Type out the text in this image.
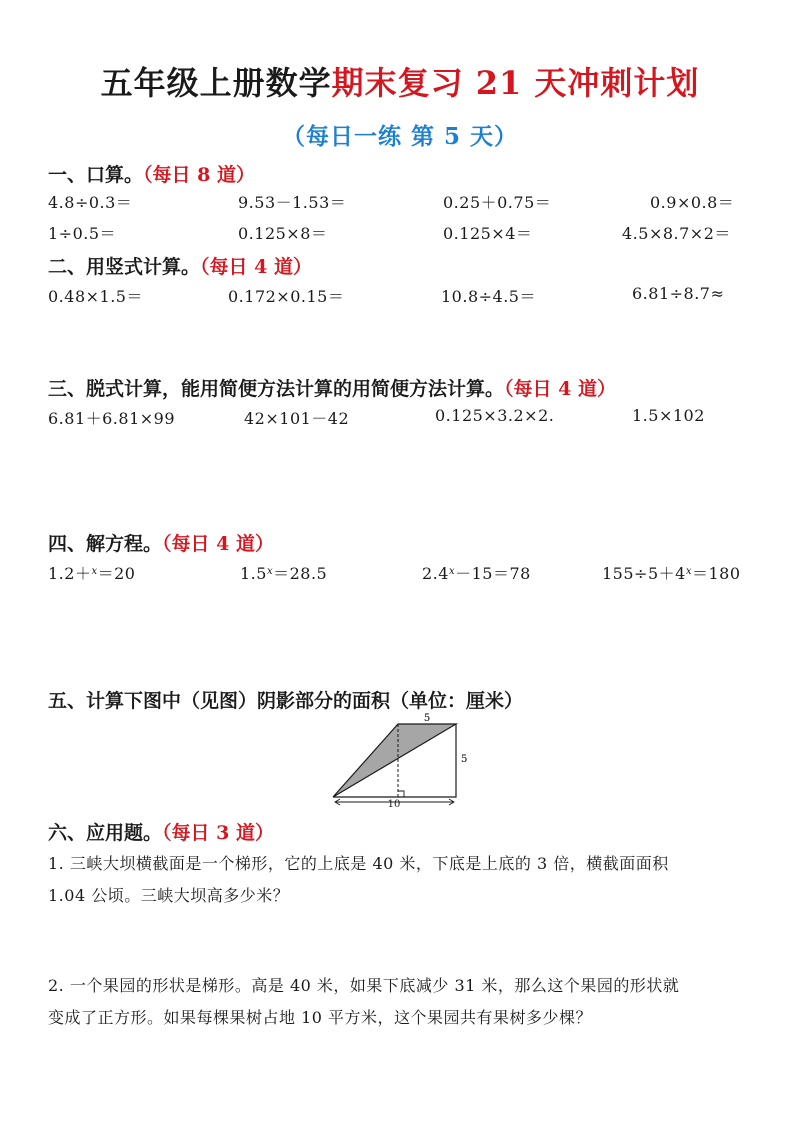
五年级上册数学期末复习 21 天冲刺计划
（每日一练 第 5 天）
一、口算。（每日 8 道）
4.8÷0.3＝	9.53－1.53＝	0.25＋0.75＝	0.9×0.8＝
1÷0.5＝	0.125×8＝	0.125×4＝	4.5×8.7×2＝
二、用竖式计算。（每日 4 道）
0.48×1.5＝	0.172×0.15＝	10.8÷4.5＝	6.81÷8.7≈
三、脱式计算，能用简便方法计算的用简便方法计算。（每日 4 道）
6.81＋6.81×99	42×101－42	0.125×3.2×2.	1.5×102
四、解方程。（每日 4 道）
1.2＋$^x$＝20	$1.5^x=28.5$	$2.4^x-15=78$	$155\div 5+4^x=180$
五、计算下图中（见图）阴影部分的面积（单位：厘米）
5
5
10
六、应用题。（每日 3 道）
1. 三峡大坝横截面是一个梯形，它的上底是 40 米，下底是上底的 3 倍，横截面面积
1.04 公顷。三峡大坝高多少米？
2. 一个果园的形状是梯形。高是 40 米，如果下底减少 31 米，那么这个果园的形状就
变成了正方形。如果每棵果树占地 10 平方米，这个果园共有果树多少棵？
